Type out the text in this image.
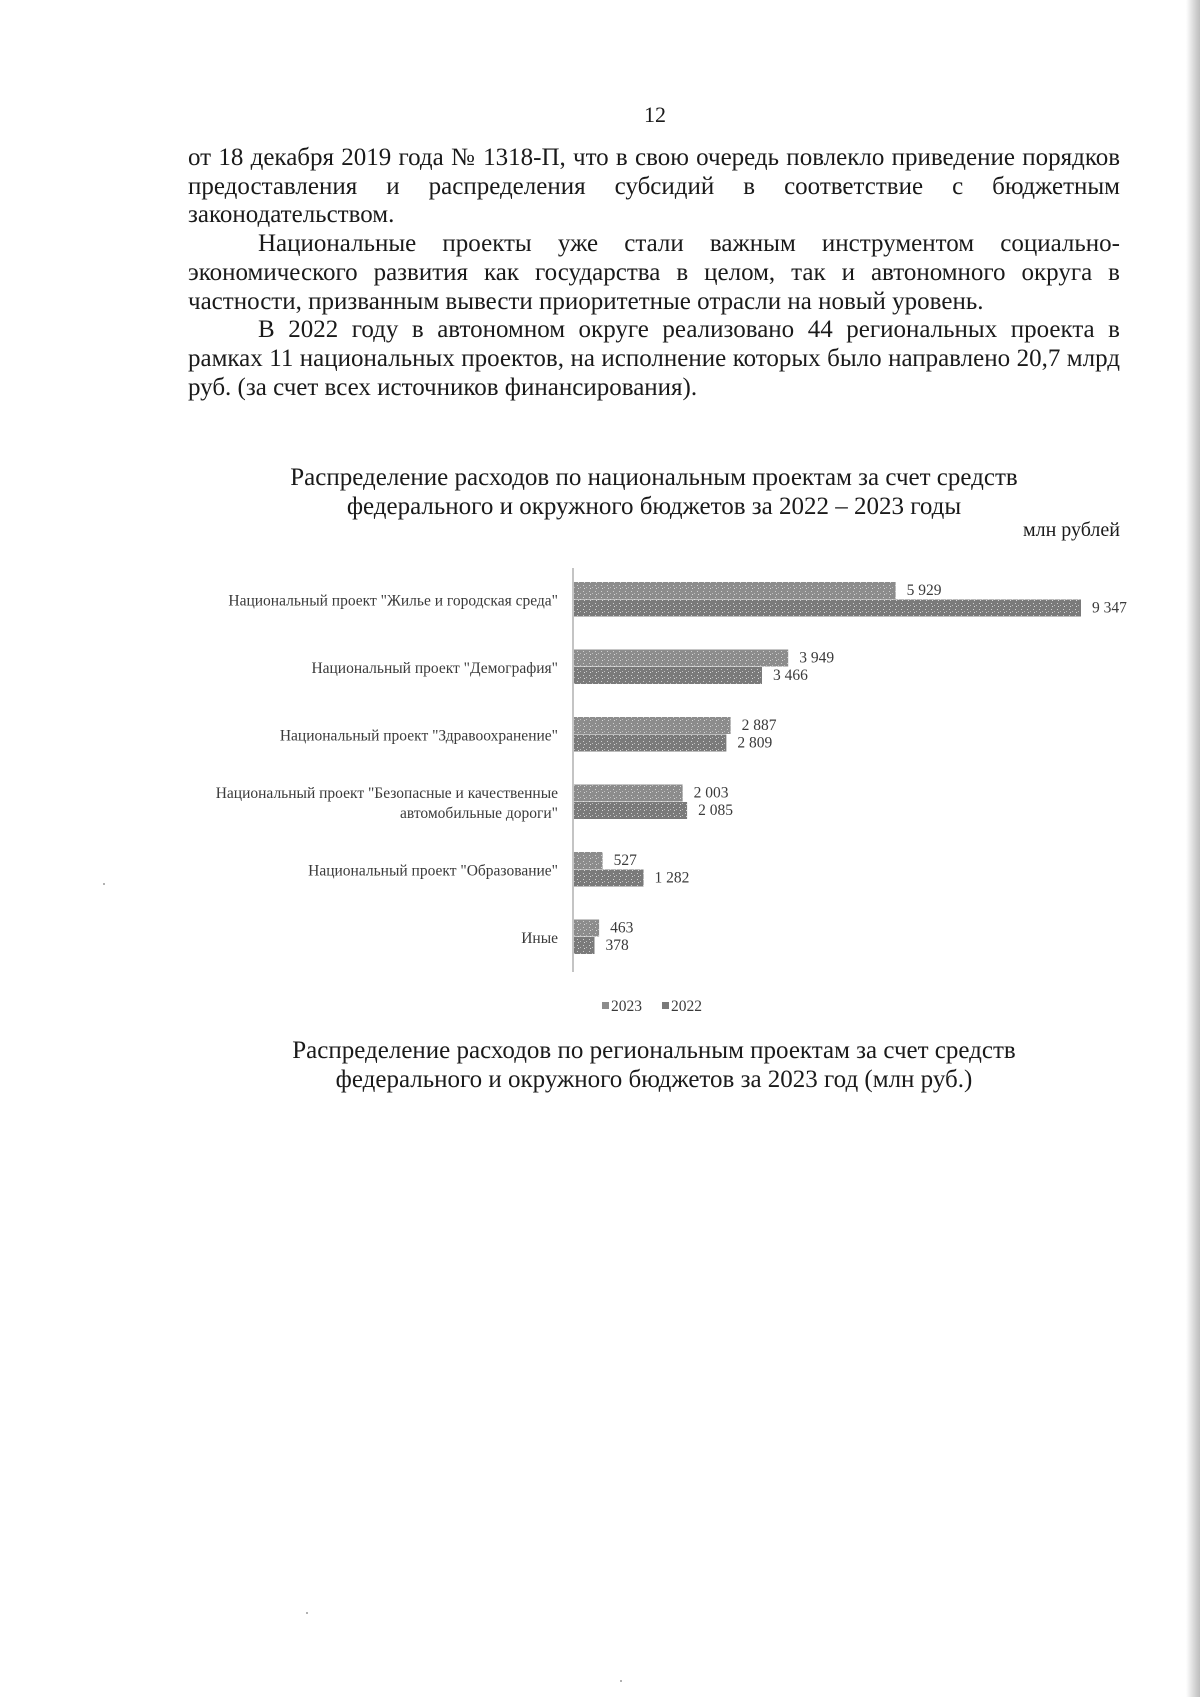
12

от 18 декабря 2019 года № 1318-П, что в свою очередь повлекло приведение порядков предоставления и распределения субсидий в соответствие с бюджетным законодательством.

Национальные проекты уже стали важным инструментом социально-экономического развития как государства в целом, так и автономного округа в частности, призванным вывести приоритетные отрасли на новый уровень.

В 2022 году в автономном округе реализовано 44 региональных проекта в рамках 11 национальных проектов, на исполнение которых было направлено 20,7 млрд руб. (за счет всех источников финансирования).

Распределение расходов по национальным проектам за счет средств
федерального и окружного бюджетов за 2022 – 2023 годы
млн рублей
Национальный проект "Жилье и городская среда"
5 929
9 347
Национальный проект "Демография"
3 949
3 466
Национальный проект "Здравоохранение"
2 887
2 809
Национальный проект "Безопасные и качественные автомобильные дороги"
2 003
2 085
Национальный проект "Образование"
527
1 282
Иные
463
378
2023 2022
Распределение расходов по региональным проектам за счет средств
федерального и окружного бюджетов за 2023 год (млн руб.)
